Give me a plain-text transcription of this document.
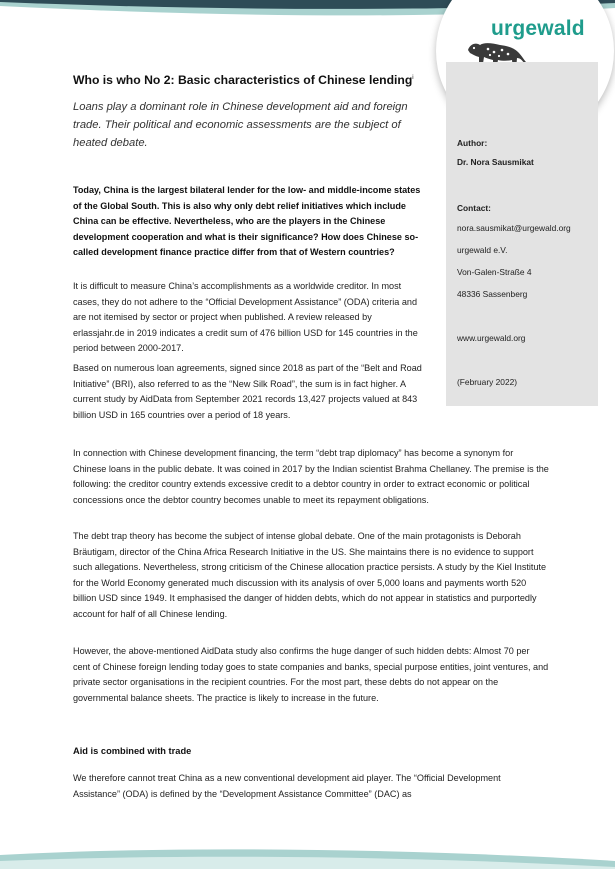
urgewald
Author:
Dr. Nora Sausmikat
Contact:
nora.sausmikat@urgewald.org
urgewald e.V.
Von-Galen-Straße 4
48336 Sassenberg
www.urgewald.org
(February 2022)
Who is who No 2: Basic characteristics of Chinese lending$^i$
Loans play a dominant role in Chinese development aid and foreign trade. Their political and economic assessments are the subject of heated debate.
Today, China is the largest bilateral lender for the low- and middle-income states of the Global South. This is also why only debt relief initiatives which include China can be effective. Nevertheless, who are the players in the Chinese development cooperation and what is their significance? How does Chinese so-called development finance practice differ from that of Western countries?
It is difficult to measure China’s accomplishments as a worldwide creditor. In most cases, they do not adhere to the “Official Development Assistance” (ODA) criteria and are not itemised by sector or project when published. A review released by erlassjahr.de in 2019 indicates a credit sum of 476 billion USD for 145 countries in the period between 2000-2017.
Based on numerous loan agreements, signed since 2018 as part of the “Belt and Road Initiative” (BRI), also referred to as the “New Silk Road”, the sum is in fact higher. A current study by AidData from September 2021 records 13,427 projects valued at 843 billion USD in 165 countries over a period of 18 years.
In connection with Chinese development financing, the term “debt trap diplomacy” has become a synonym for Chinese loans in the public debate. It was coined in 2017 by the Indian scientist Brahma Chellaney. The premise is the following: the creditor country extends excessive credit to a debtor country in order to extract economic or political concessions once the debtor country becomes unable to meet its repayment obligations.
The debt trap theory has become the subject of intense global debate. One of the main protagonists is Deborah Bräutigam, director of the China Africa Research Initiative in the US. She maintains there is no evidence to support such allegations. Nevertheless, strong criticism of the Chinese allocation practice persists. A study by the Kiel Institute for the World Economy generated much discussion with its analysis of over 5,000 loans and payments worth 520 billion USD since 1949. It emphasised the danger of hidden debts, which do not appear in statistics and purportedly account for half of all Chinese lending.
However, the above-mentioned AidData study also confirms the huge danger of such hidden debts: Almost 70 per cent of Chinese foreign lending today goes to state companies and banks, special purpose entities, joint ventures, and private sector organisations in the recipient countries. For the most part, these debts do not appear on the governmental balance sheets. The practice is likely to increase in the future.
Aid is combined with trade
We therefore cannot treat China as a new conventional development aid player. The “Official Development Assistance” (ODA) is defined by the “Development Assistance Committee” (DAC) as
